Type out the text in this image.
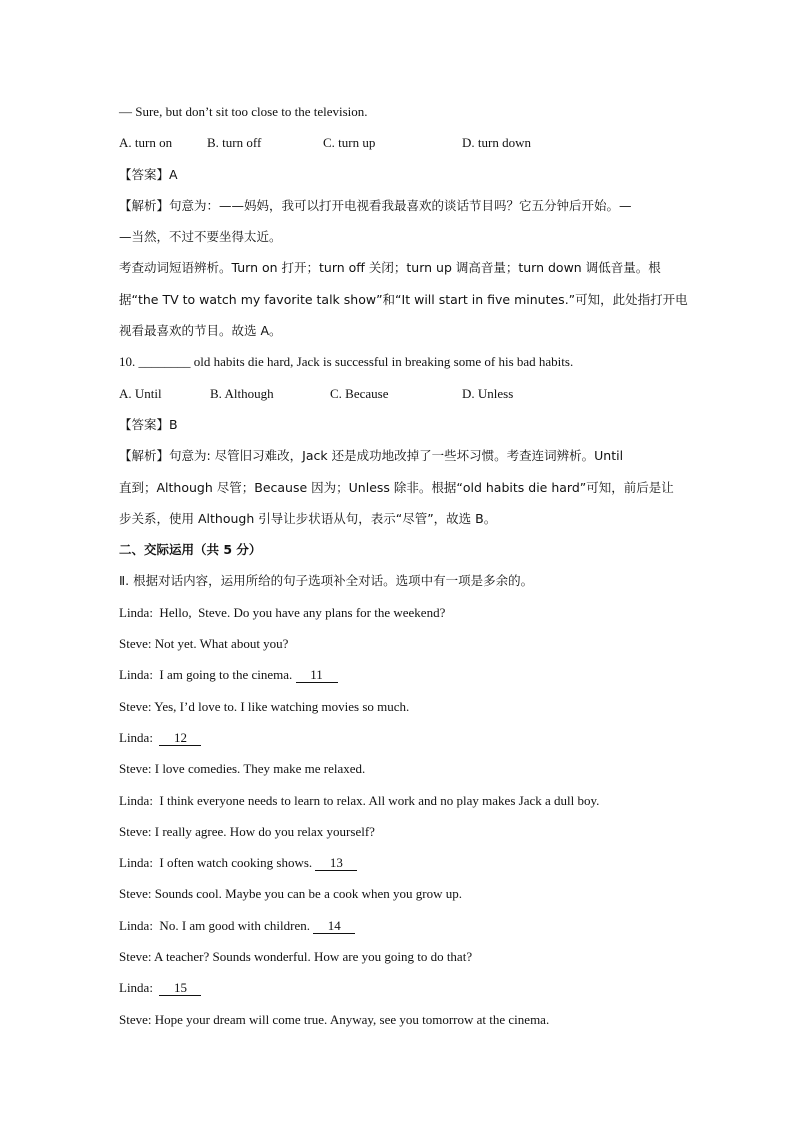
— Sure, but don’t sit too close to the television.
A. turn on	B. turn off	C. turn up	D. turn down
【答案】A
【解析】句意为：——妈妈，我可以打开电视看我最喜欢的谈话节目吗？它五分钟后开始。—
—当然，不过不要坐得太近。
考查动词短语辨析。Turn on 打开；turn off 关闭；turn up 调高音量；turn down 调低音量。根
据“the TV to watch my favorite talk show”和“It will start in five minutes.”可知，此处指打开电
视看最喜欢的节目。故选 A。
10. ________ old habits die hard, Jack is successful in breaking some of his bad habits.
A. Until	B. Although	C. Because	D. Unless
【答案】B
【解析】句意为: 尽管旧习难改，Jack 还是成功地改掉了一些坏习惯。考查连词辨析。Until
直到；Although 尽管；Because 因为；Unless 除非。根据“old habits die hard”可知，前后是让
步关系，使用 Although 引导让步状语从句，表示“尽管”，故选 B。
二、交际运用（共 5 分）
Ⅱ. 根据对话内容，运用所给的句子选项补全对话。选项中有一项是多余的。
Linda:  Hello,  Steve. Do you have any plans for the weekend?
Steve: Not yet. What about you?
Linda:  I am going to the cinema. 11
Steve: Yes, I’d love to. I like watching movies so much.
Linda:  12
Steve: I love comedies. They make me relaxed.
Linda:  I think everyone needs to learn to relax. All work and no play makes Jack a dull boy.
Steve: I really agree. How do you relax yourself?
Linda:  I often watch cooking shows. 13
Steve: Sounds cool. Maybe you can be a cook when you grow up.
Linda:  No. I am good with children. 14
Steve: A teacher? Sounds wonderful. How are you going to do that?
Linda:  15
Steve: Hope your dream will come true. Anyway, see you tomorrow at the cinema.
